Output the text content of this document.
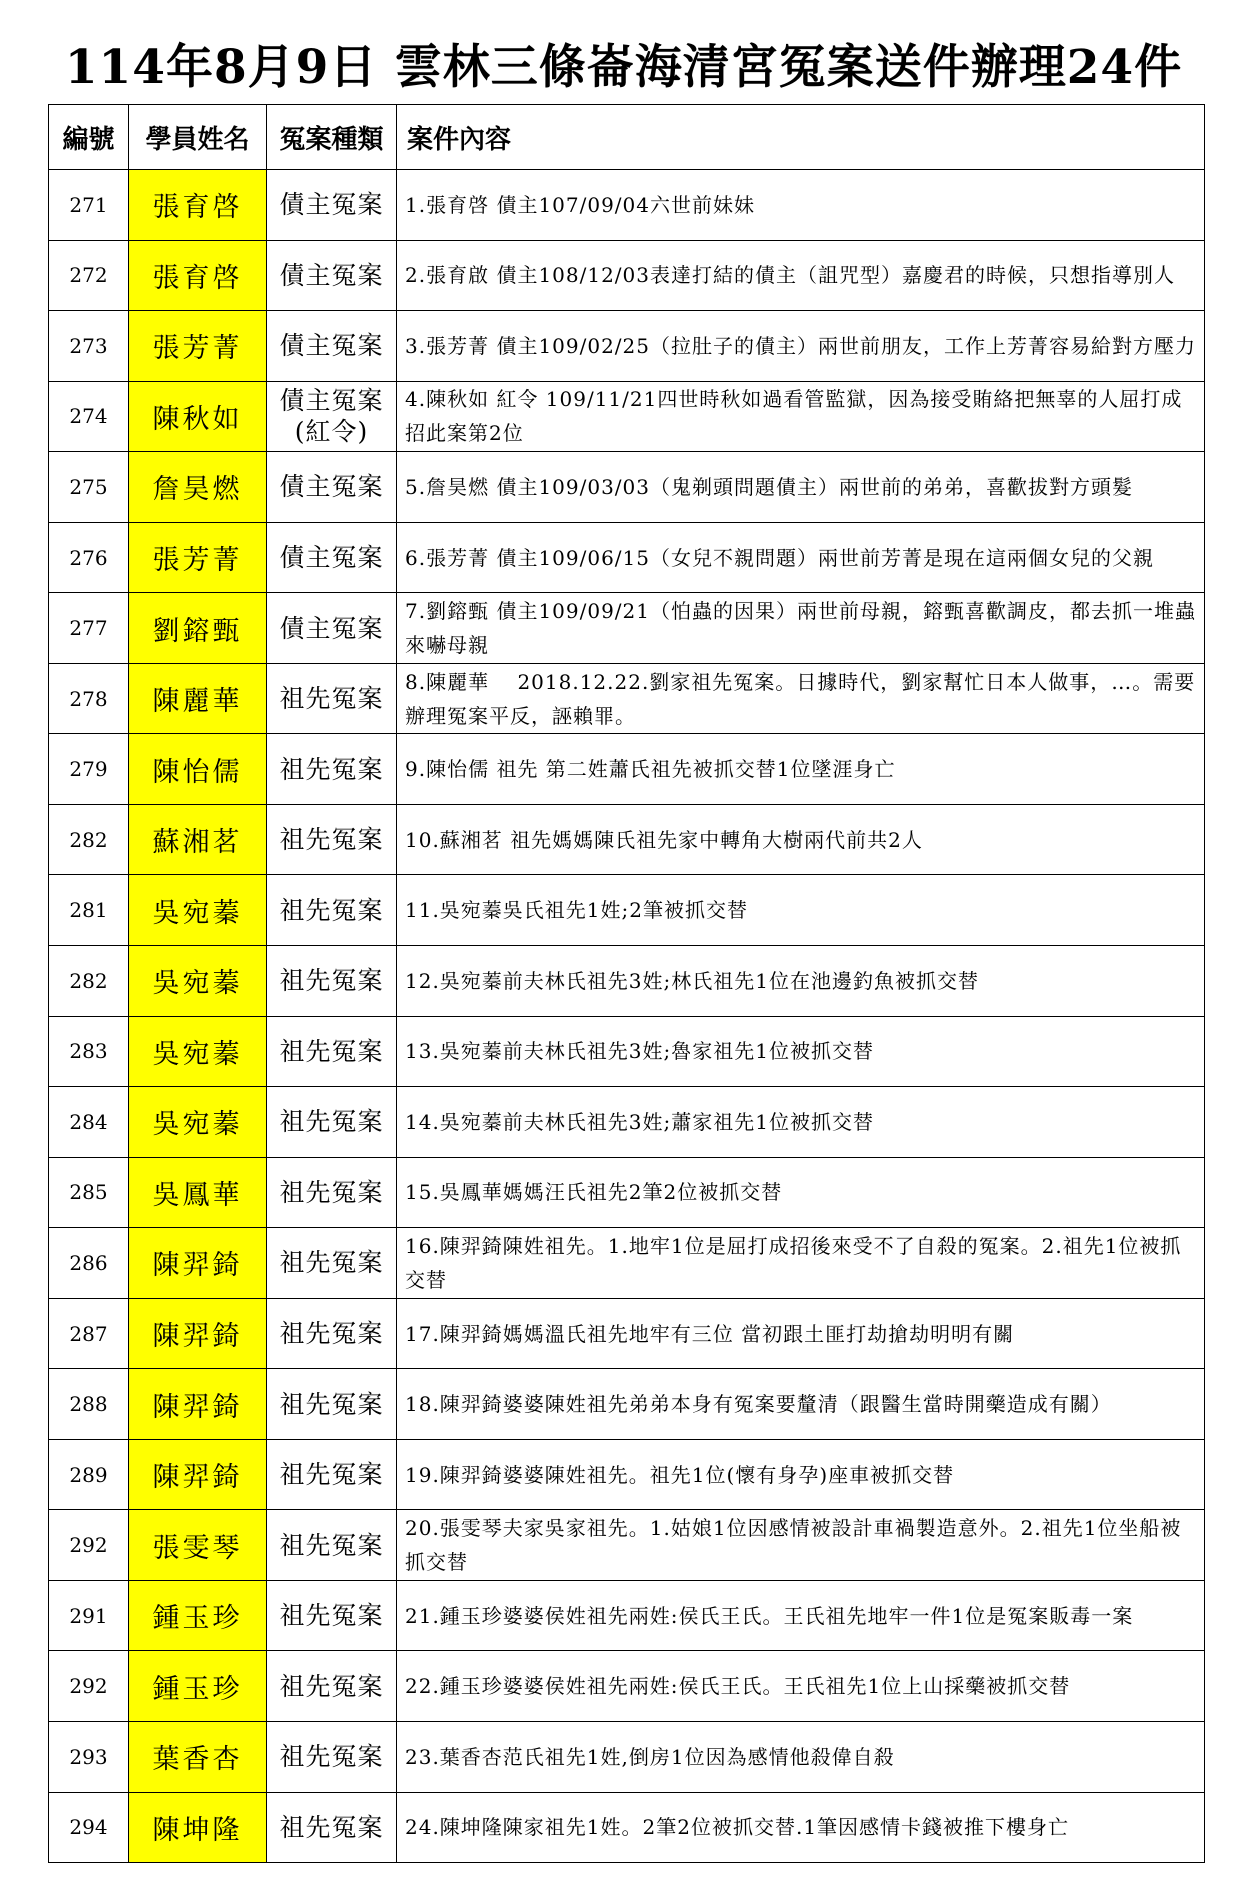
114年8月9日 雲林三條崙海清宮冤案送件辦理24件
編號	學員姓名	冤案種類	案件內容
271	張育啓	債主冤案	1.張育啓 債主107/09/04六世前妹妹
272	張育啓	債主冤案	2.張育啟 債主108/12/03表達打結的債主（詛咒型）嘉慶君的時候，只想指導別人
273	張芳菁	債主冤案	3.張芳菁 債主109/02/25（拉肚子的債主）兩世前朋友，工作上芳菁容易給對方壓力
274	陳秋如	債主冤案(紅令)	4.陳秋如 紅令 109/11/21四世時秋如過看管監獄，因為接受賄絡把無辜的人屈打成招此案第2位
275	詹昊燃	債主冤案	5.詹昊燃 債主109/03/03（鬼剃頭問題債主）兩世前的弟弟，喜歡拔對方頭髮
276	張芳菁	債主冤案	6.張芳菁 債主109/06/15（女兒不親問題）兩世前芳菁是現在這兩個女兒的父親
277	劉鎔甄	債主冤案	7.劉鎔甄 債主109/09/21（怕蟲的因果）兩世前母親，鎔甄喜歡調皮，都去抓一堆蟲來嚇母親
278	陳麗華	祖先冤案	8.陳麗華　 2018.12.22.劉家祖先冤案。日據時代，劉家幫忙日本人做事，…。需要辦理冤案平反，誣賴罪。
279	陳怡儒	祖先冤案	9.陳怡儒 祖先 第二姓蕭氏祖先被抓交替1位墜涯身亡
282	蘇湘茗	祖先冤案	10.蘇湘茗 祖先媽媽陳氏祖先家中轉角大樹兩代前共2人
281	吳宛蓁	祖先冤案	11.吳宛蓁吳氏祖先1姓;2筆被抓交替
282	吳宛蓁	祖先冤案	12.吳宛蓁前夫林氏祖先3姓;林氏祖先1位在池邊釣魚被抓交替
283	吳宛蓁	祖先冤案	13.吳宛蓁前夫林氏祖先3姓;魯家祖先1位被抓交替
284	吳宛蓁	祖先冤案	14.吳宛蓁前夫林氏祖先3姓;蕭家祖先1位被抓交替
285	吳鳳華	祖先冤案	15.吳鳳華媽媽汪氏祖先2筆2位被抓交替
286	陳羿錡	祖先冤案	16.陳羿錡陳姓祖先。1.地牢1位是屈打成招後來受不了自殺的冤案。2.祖先1位被抓交替
287	陳羿錡	祖先冤案	17.陳羿錡媽媽溫氏祖先地牢有三位 當初跟土匪打劫搶劫明明有關
288	陳羿錡	祖先冤案	18.陳羿錡婆婆陳姓祖先弟弟本身有冤案要釐清（跟醫生當時開藥造成有關）
289	陳羿錡	祖先冤案	19.陳羿錡婆婆陳姓祖先。祖先1位(懷有身孕)座車被抓交替
292	張雯琴	祖先冤案	20.張雯琴夫家吳家祖先。1.姑娘1位因感情被設計車禍製造意外。2.祖先1位坐船被抓交替
291	鍾玉珍	祖先冤案	21.鍾玉珍婆婆侯姓祖先兩姓:侯氏王氏。王氏祖先地牢一件1位是冤案販毒一案
292	鍾玉珍	祖先冤案	22.鍾玉珍婆婆侯姓祖先兩姓:侯氏王氏。王氏祖先1位上山採藥被抓交替
293	葉香杏	祖先冤案	23.葉香杏范氏祖先1姓,倒房1位因為感情他殺偉自殺
294	陳坤隆	祖先冤案	24.陳坤隆陳家祖先1姓。2筆2位被抓交替.1筆因感情卡錢被推下樓身亡
